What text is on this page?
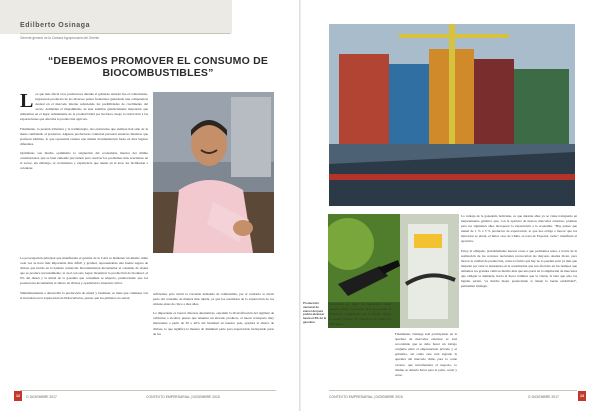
Edilberto Osinaga
Gerente general de la Cámara Agropecuaria del Oriente
“DEBEMOS PROMOVER EL CONSUMO DE BIOCOMBUSTIBLES”
L os que más afecté a los productores durante el gobierno anterior fue el contrabando, ingresaron productos de los diversos países fronterizos generando una competencia desleal en el mercado interno reduciendo las posibilidades de crecimiento del sector. Asimismo el impedimento de usar semillas genéticamente mejoradas que utilizamos en el lugar ordinamente de la productividad por hectárea, luego la restricción a las exportaciones que afectaba la producción agrícola.

Finalmente, la presión tributaria y la tramitología, dos obstáculos que siempre han sido de la mano cambiando al productor. Algunos productores controlan personal entonces mientras que profesan trámites, lo que representa retenes una misma documentación hasta en diez lugares diferentes.

Optimistas con mucho optimismo la asignación del economista interior del último constitucional, que es bien entiende que tienen para resolver los problemas más acuciantes en el sector, sin embargo, el crecimiento y experiencia que tienen en el área, les facilitarían a colonizar.

La preocupación principal que manifiestan el gerente de la CAO es mantener un mismo ritmo cada vez se hace más importante más difícil y gradual, representando una fuente segura de divisas que incide en la balanza comercial. Recomendaron incrementar el consumo de etanol que se produce nacionalmente, la cual con esto lograr incentivar la producción de biodiesel, el 6% del diésel y la mitad de la gasolina que consumen se importa, promoviendo que los productores incrementen el ahorro de divisas y ayudarían la situación crítica.

Simultáneamente a desarrollar la producción de etanol y biodiésel, se tiene que continuar con la inversión en la exploración de hidrocarburos, puesto que los primeros no serían

suficientes para cubrir la creciente demanda de combustible, por el contrario si cubrir parte del consumo de manera más rápida, ya que los resultados de la exploración no los obtiene antes de cinco a diez años.

Lo importante es buscar diversas alternativas, expandir la diversificación del régimen de vehículos a alcohol, puesto que tenemos un elevado producto, el nuevo transporte muy interesante a partir de 30 o 40% del biodiésel en nuestro país, ayudará al ahorro de divisas, lo que significa la manera de disminuir parte para exportación, incluyendo parte de los

Producción nacional de etanol del país podría alcanzar hasta el 6% de la gasolina

excedentes en lugar de importarlo como materia prima, productos más proveerían la diferencia, permitiendo que el mismo dinero se pueda utilizar en beneficio de todos los bolivianos.

Finalmente, Osinaga está participando en la apertura de mercados externos se está recordando que se debe hacer un trabajo conjunto entre el empresariado privado y el gobierno, así como este está logrado la apertura del mercado chino para la carne vacuna, que incrementará el negocio, lo mismo se debería hacer para el pollo, cerdo y otros.

La ventaja de la ganadería boliviana, es que durante años ya se viene trabajando en mejoramiento genético que, con la apertura de nuevos mercados externos, promete para los siguientes años incorporar la exportación a la economía. "Hay países que tienen de 1 % a 3 % productos de exportación, lo que nos obliga a buscar que los mercados se abran, el único caso de China, se trata de Exportar carne", manifestó el ejecutivo.

Estoy al obligado, probablemente nuevas cosas a que podríamos tener, a través de la realización de los recursos nacionales provocarían las mayores deudas dicen, para buscar la calidad de producción, como la forma que hay no lo pueden estar ya más que mejoran por estar la naturaleza en la constitución que nos afectaba en los tiempos que teníamos los grandes cultivos mucho más que una parte en la ampliación de mercados que obligan la demanda, hacia el hacer trámites que la visión, la idea que sólo las ligadas serían, "es mucho mejor potenciando si tienen la buena estabilidad", puntualizó Osinaga.

12	G DICIEMBRE 2017	CONTEXTO EMPRESARIAL | DICIEMBRE 2015	CONTEXTO EMPRESARIAL | DICIEMBRE 2015	G DICIEMBRE 2017	13
